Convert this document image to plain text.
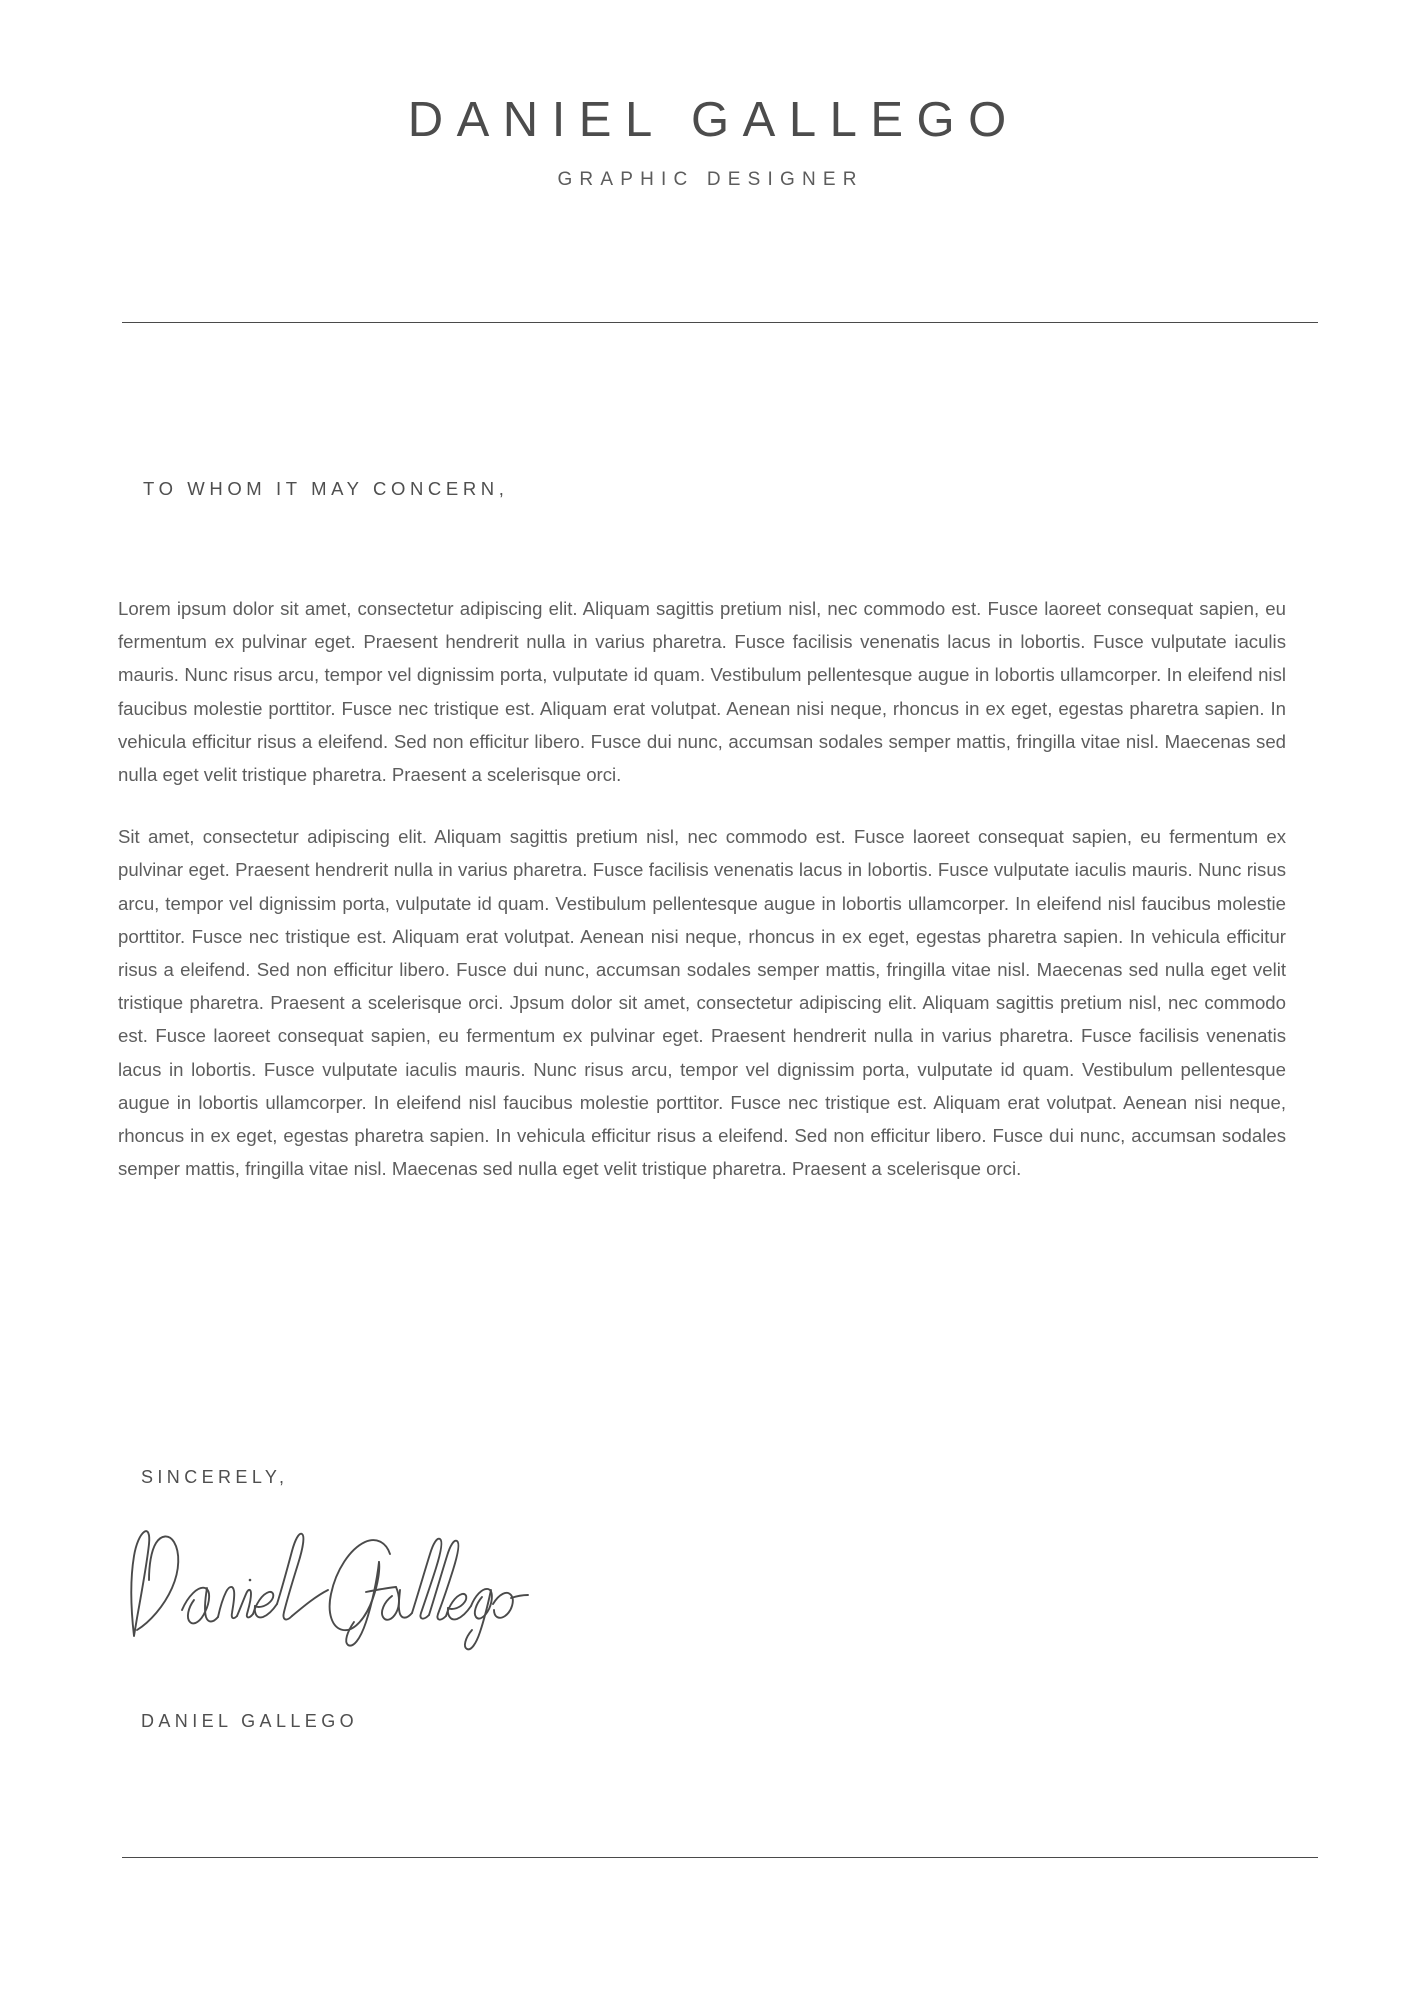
DANIEL GALLEGO
GRAPHIC DESIGNER
TO WHOM IT MAY CONCERN,

Lorem ipsum dolor sit amet, consectetur adipiscing elit. Aliquam sagittis pretium nisl, nec commodo est. Fusce laoreet consequat sapien, eu fermentum ex pulvinar eget. Praesent hendrerit nulla in varius pharetra. Fusce facilisis venenatis lacus in lobortis. Fusce vulputate iaculis mauris. Nunc risus arcu, tempor vel dignissim porta, vulputate id quam. Vestibulum pellentesque augue in lobortis ullamcorper. In eleifend nisl faucibus molestie porttitor. Fusce nec tristique est. Aliquam erat volutpat. Aenean nisi neque, rhoncus in ex eget, egestas pharetra sapien. In vehicula efficitur risus a eleifend. Sed non efficitur libero. Fusce dui nunc, accumsan sodales semper mattis, fringilla vitae nisl. Maecenas sed nulla eget velit tristique pharetra. Praesent a scelerisque orci.

Sit amet, consectetur adipiscing elit. Aliquam sagittis pretium nisl, nec commodo est. Fusce laoreet consequat sapien, eu fermentum ex pulvinar eget. Praesent hendrerit nulla in varius pharetra. Fusce facilisis venenatis lacus in lobortis. Fusce vulputate iaculis mauris. Nunc risus arcu, tempor vel dignissim porta, vulputate id quam. Vestibulum pellentesque augue in lobortis ullamcorper. In eleifend nisl faucibus molestie porttitor. Fusce nec tristique est. Aliquam erat volutpat. Aenean nisi neque, rhoncus in ex eget, egestas pharetra sapien. In vehicula efficitur risus a eleifend. Sed non efficitur libero. Fusce dui nunc, accumsan sodales semper mattis, fringilla vitae nisl. Maecenas sed nulla eget velit tristique pharetra. Praesent a scelerisque orci. Jpsum dolor sit amet, consectetur adipiscing elit. Aliquam sagittis pretium nisl, nec commodo est. Fusce laoreet consequat sapien, eu fermentum ex pulvinar eget. Praesent hendrerit nulla in varius pharetra. Fusce facilisis venenatis lacus in lobortis. Fusce vulputate iaculis mauris. Nunc risus arcu, tempor vel dignissim porta, vulputate id quam. Vestibulum pellentesque augue in lobortis ullamcorper. In eleifend nisl faucibus molestie porttitor. Fusce nec tristique est. Aliquam erat volutpat. Aenean nisi neque, rhoncus in ex eget, egestas pharetra sapien. In vehicula efficitur risus a eleifend. Sed non efficitur libero. Fusce dui nunc, accumsan sodales semper mattis, fringilla vitae nisl. Maecenas sed nulla eget velit tristique pharetra. Praesent a scelerisque orci.

SINCERELY,
DANIEL GALLEGO
